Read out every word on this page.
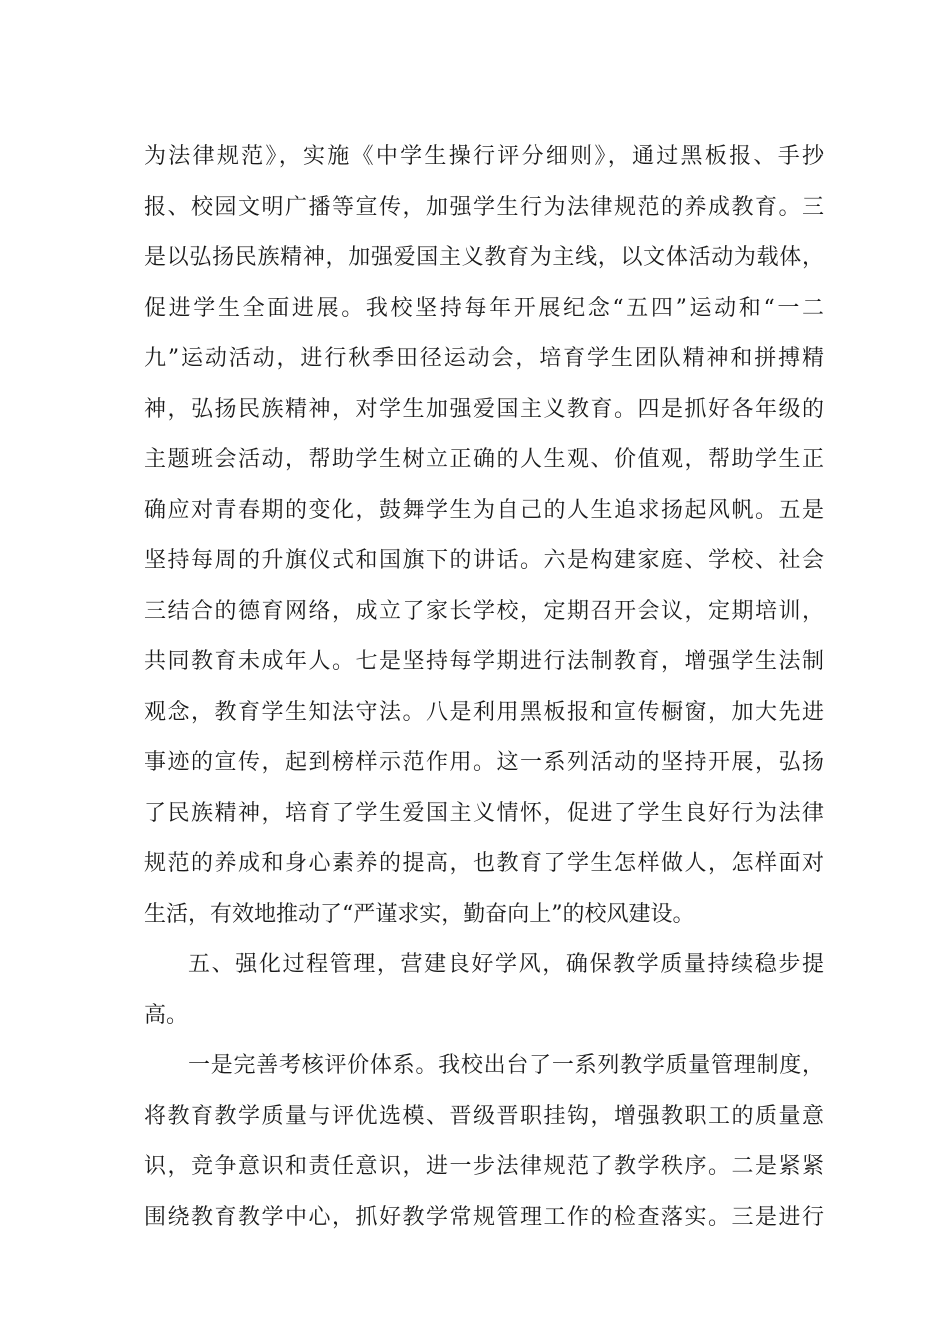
为法律规范》，实施《中学生操行评分细则》，通过黑板报、手抄
报、校园文明广播等宣传，加强学生行为法律规范的养成教育。三
是以弘扬民族精神，加强爱国主义教育为主线，以文体活动为载体，
促进学生全面进展。我校坚持每年开展纪念“五四”运动和“一二
九”运动活动，进行秋季田径运动会，培育学生团队精神和拼搏精
神，弘扬民族精神，对学生加强爱国主义教育。四是抓好各年级的
主题班会活动，帮助学生树立正确的人生观、价值观，帮助学生正
确应对青春期的变化，鼓舞学生为自己的人生追求扬起风帆。五是
坚持每周的升旗仪式和国旗下的讲话。六是构建家庭、学校、社会
三结合的德育网络，成立了家长学校，定期召开会议，定期培训，
共同教育未成年人。七是坚持每学期进行法制教育，增强学生法制
观念，教育学生知法守法。八是利用黑板报和宣传橱窗，加大先进
事迹的宣传，起到榜样示范作用。这一系列活动的坚持开展，弘扬
了民族精神，培育了学生爱国主义情怀，促进了学生良好行为法律
规范的养成和身心素养的提高，也教育了学生怎样做人，怎样面对
生活，有效地推动了“严谨求实，勤奋向上”的校风建设。
五、强化过程管理，营建良好学风，确保教学质量持续稳步提
高。
一是完善考核评价体系。我校出台了一系列教学质量管理制度，
将教育教学质量与评优选模、晋级晋职挂钩，增强教职工的质量意
识，竞争意识和责任意识，进一步法律规范了教学秩序。二是紧紧
围绕教育教学中心，抓好教学常规管理工作的检查落实。三是进行
